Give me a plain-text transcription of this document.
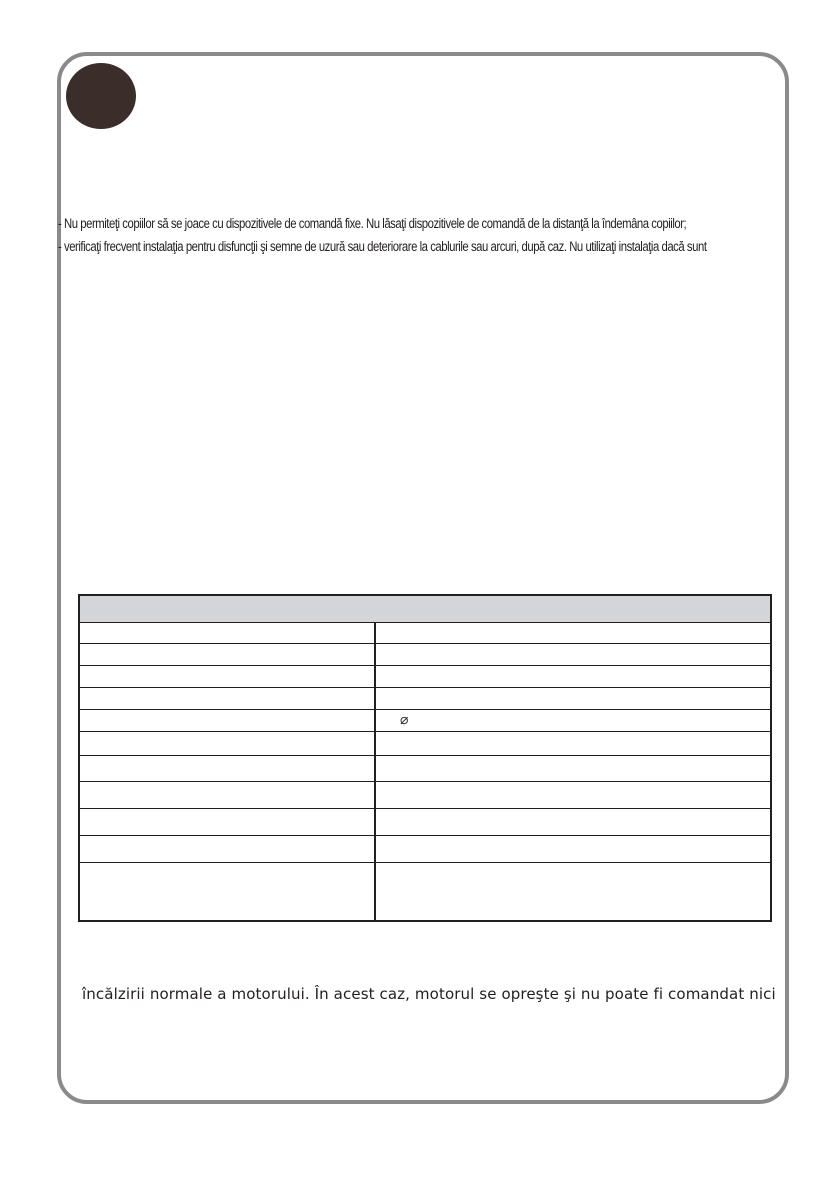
- Nu permiteţi copiilor să se joace cu dispozitivele de comandă fixe. Nu lăsaţi dispozitivele de comandă de la distanţă la îndemâna copiilor;
- verificaţi frecvent instalaţia pentru disfuncţii şi semne de uzură sau deteriorare la cablurile sau arcuri, după caz. Nu utilizaţi instalaţia dacă sunt
⌀
încălzirii normale a motorului. În acest caz, motorul se opreşte şi nu poate fi comandat nici
